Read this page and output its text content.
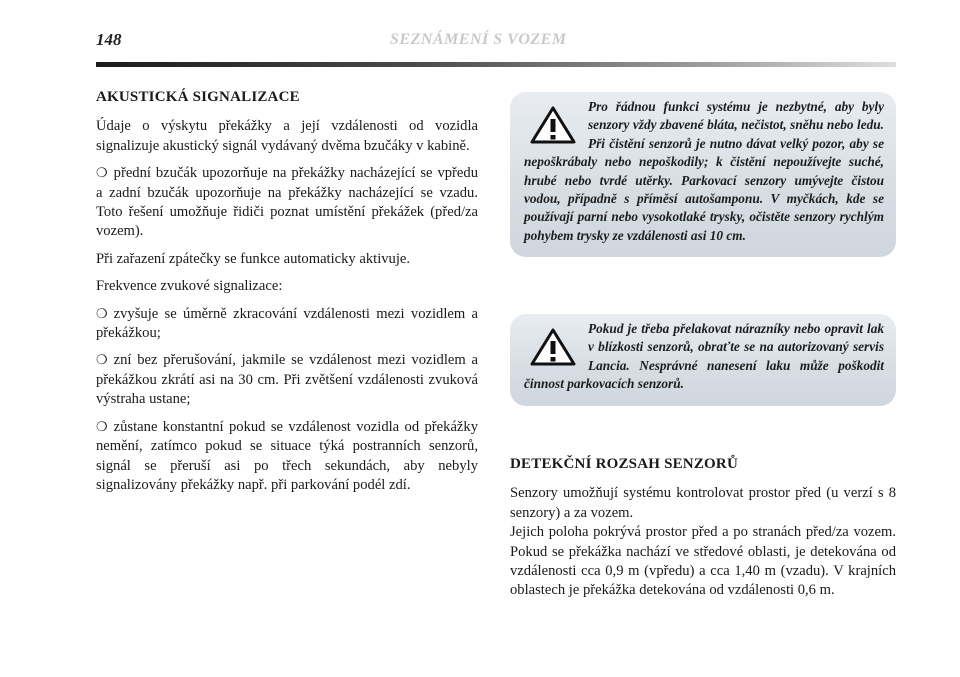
148	SEZNÁMENÍ S VOZEM
AKUSTICKÁ SIGNALIZACE

Údaje o výskytu překážky a její vzdálenosti od vozidla signalizuje akustický signál vydávaný dvěma bzučáky v kabině.

❍ přední bzučák upozorňuje na překážky nacházející se vpředu a zadní bzučák upozorňuje na překážky nacházející se vzadu. Toto řešení umožňuje řidiči poznat umístění překážek (před/za vozem).

Při zařazení zpátečky se funkce automaticky aktivuje.

Frekvence zvukové signalizace:

❍ zvyšuje se úměrně zkracování vzdálenosti mezi vozidlem a překážkou;

❍ zní bez přerušování, jakmile se vzdálenost mezi vozidlem a překážkou zkrátí asi na 30 cm. Při zvětšení vzdálenosti zvuková výstraha ustane;

❍ zůstane konstantní pokud se vzdálenost vozidla od překážky nemění, zatímco pokud se situace týká postranních senzorů, signál se přeruší asi po třech sekundách, aby nebyly signalizovány překážky např. při parkování podél zdí.

Pro řádnou funkci systému je nezbytné, aby byly senzory vždy zbavené bláta, nečistot, sněhu nebo ledu. Při čistění senzorů je nutno dávat velký pozor, aby se nepoškrábaly nebo nepoškodily; k čistění nepoužívejte suché, hrubé nebo tvrdé utěrky. Parkovací senzory umývejte čistou vodou, případně s příměsí autošamponu. V myčkách, kde se používají parní nebo vysokotlaké trysky, očistěte senzory rychlým pohybem trysky ze vzdálenosti asi 10 cm.

Pokud je třeba přelakovat nárazníky nebo opravit lak v blízkosti senzorů, obraťte se na autorizovaný servis Lancia. Nesprávné nanesení laku může poškodit činnost parkovacích senzorů.

DETEKČNÍ ROZSAH SENZORŮ

Senzory umožňují systému kontrolovat prostor před (u verzí s 8 senzory) a za vozem.

Jejich poloha pokrývá prostor před a po stranách před/za vozem. Pokud se překážka nachází ve středové oblasti, je detekována od vzdálenosti cca 0,9 m (vpředu) a cca 1,40 m (vzadu). V krajních oblastech je překážka detekována od vzdálenosti 0,6 m.
